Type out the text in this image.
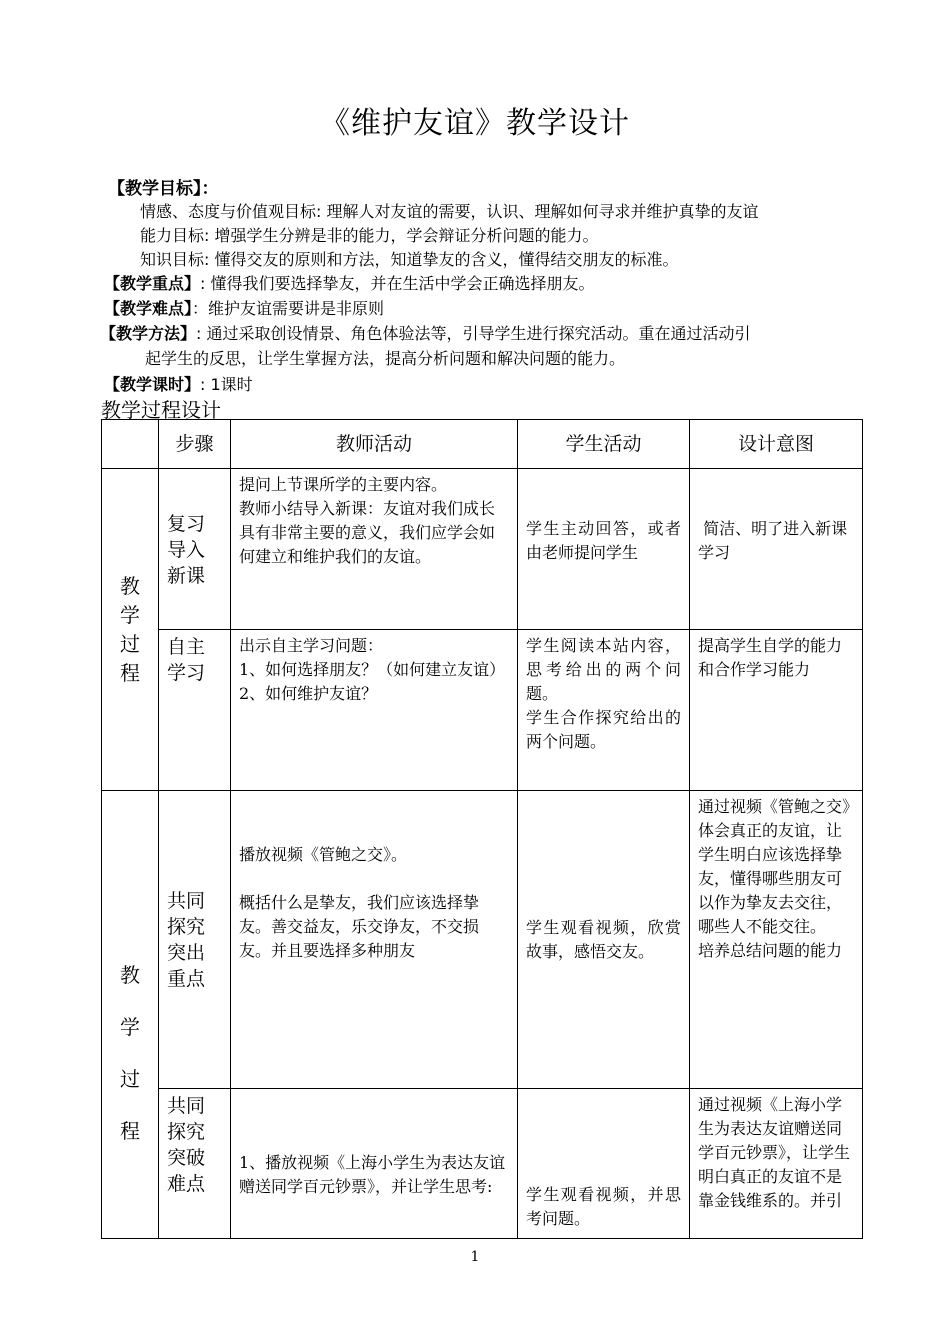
《维护友谊》教学设计
【教学目标】：
情感、态度与价值观目标: 理解人对友谊的需要，认识、理解如何寻求并维护真挚的友谊
能力目标: 增强学生分辨是非的能力，学会辩证分析问题的能力。
知识目标: 懂得交友的原则和方法，知道挚友的含义，懂得结交朋友的标准。
【教学重点】: 懂得我们要选择挚友，并在生活中学会正确选择朋友。
【教学难点】：维护友谊需要讲是非原则
【教学方法】: 通过采取创设情景、角色体验法等，引导学生进行探究活动。重在通过活动引
起学生的反思，让学生掌握方法，提高分析问题和解决问题的能力。
【教学课时】: 1课时
教学过程设计
	步骤	教师活动	学生活动	设计意图

教学过程	复习导入新课	提问上节课所学的主要内容。
教师小结导入新课：友谊对我们成长具有非常主要的意义，我们应学会如何建立和维护我们的友谊。	学生主动回答，或者由老师提问学生	简洁、明了进入新课学习
	自主学习	出示自主学习问题：
1、如何选择朋友？（如何建立友谊）
2、如何维护友谊？	学生阅读本站内容，思考给出的两个问题。
学生合作探究给出的两个问题。	提高学生自学的能力和合作学习能力

教学过程	共同探究突出重点	
播放视频《管鲍之交》。

概括什么是挚友，我们应该选择挚友。善交益友，乐交诤友，不交损友。并且要选择多种朋友	学生观看视频，欣赏故事，感悟交友。	通过视频《管鲍之交》体会真正的友谊，让学生明白应该选择挚友，懂得哪些朋友可以作为挚友去交往，哪些人不能交往。
培养总结问题的能力
	共同探究突破难点	1、播放视频《上海小学生为表达友谊 赠送同学百元钞票》，并让学生思考:	学生观看视频，并思考问题。	通过视频《上海小学生为表达友谊赠送同学百元钞票》，让学生明白真正的友谊不是靠金钱维系的。并引
1
